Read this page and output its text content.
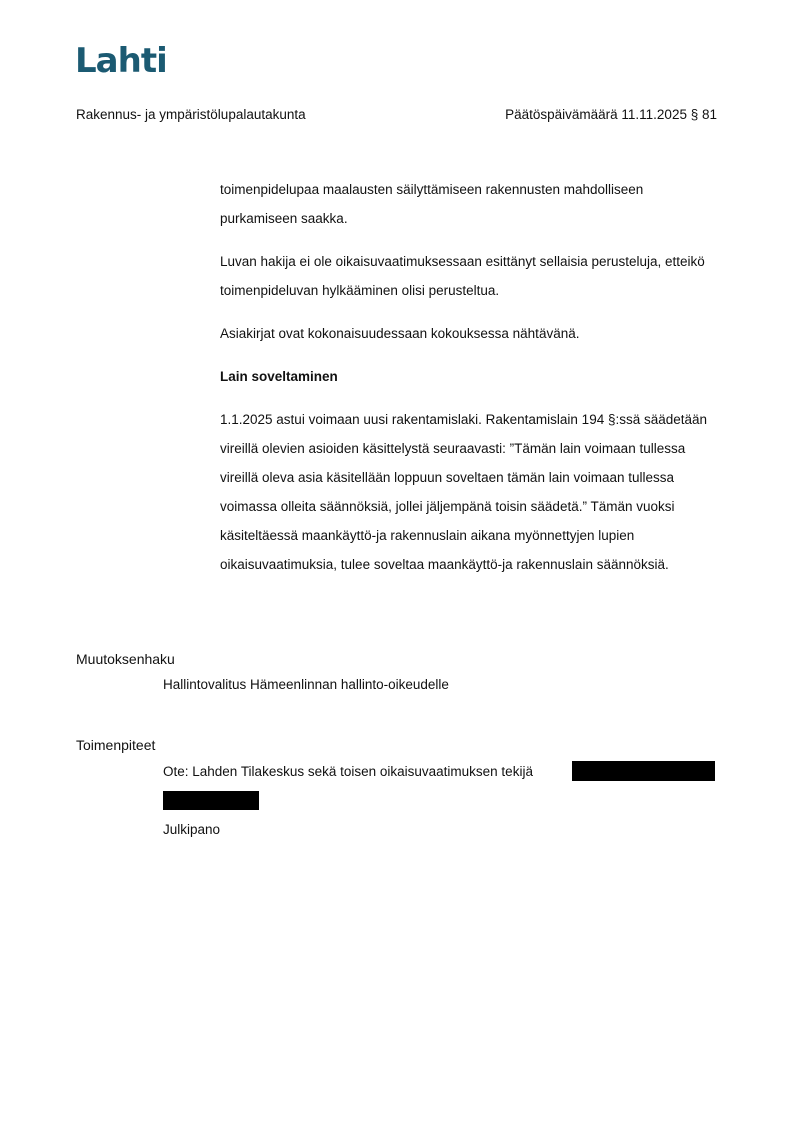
Lahti
Rakennus- ja ympäristölupalautakunta	Päätöspäivämäärä 11.11.2025 § 81

toimenpidelupaa maalausten säilyttämiseen rakennusten mahdolliseen purkamiseen saakka.

Luvan hakija ei ole oikaisuvaatimuksessaan esittänyt sellaisia perusteluja, etteikö toimenpideluvan hylkääminen olisi perusteltua.

Asiakirjat ovat kokonaisuudessaan kokouksessa nähtävänä.

Lain soveltaminen

1.1.2025 astui voimaan uusi rakentamislaki. Rakentamislain 194 §:ssä säädetään vireillä olevien asioiden käsittelystä seuraavasti: ”Tämän lain voimaan tullessa vireillä oleva asia käsitellään loppuun soveltaen tämän lain voimaan tullessa voimassa olleita säännöksiä, jollei jäljempänä toisin säädetä.” Tämän vuoksi käsiteltäessä maankäyttö-ja rakennuslain aikana myönnettyjen lupien oikaisuvaatimuksia, tulee soveltaa maankäyttö-ja rakennuslain säännöksiä.

Muutoksenhaku
Hallintovalitus Hämeenlinnan hallinto-oikeudelle
Toimenpiteet
Ote: Lahden Tilakeskus sekä toisen oikaisuvaatimuksen tekijä
Julkipano
